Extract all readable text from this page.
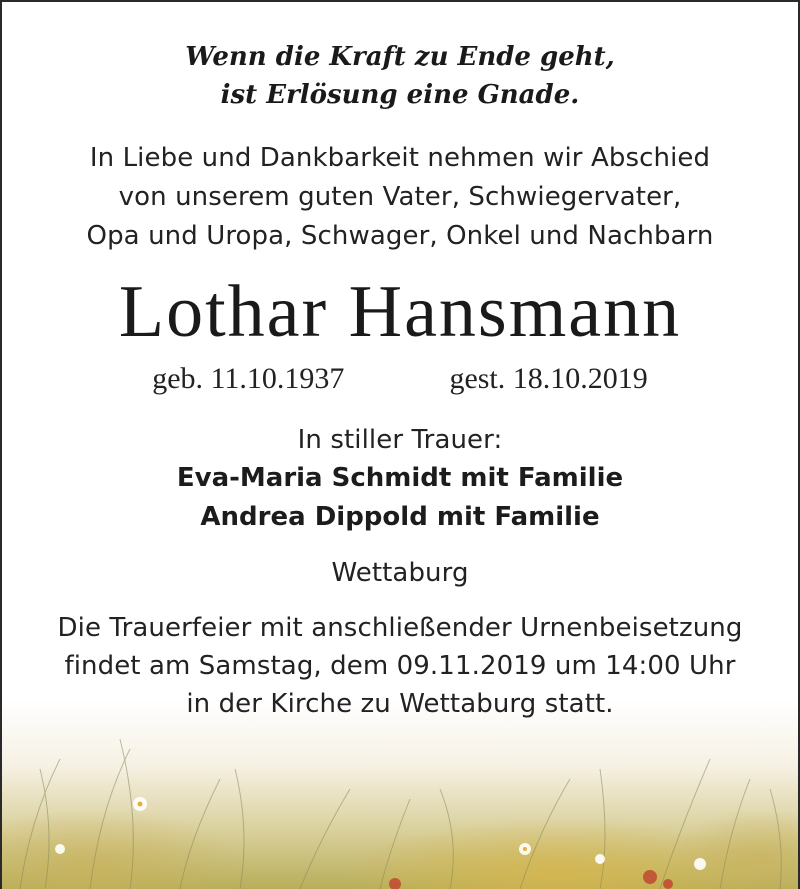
Wenn die Kraft zu Ende geht,
ist Erlösung eine Gnade.
In Liebe und Dankbarkeit nehmen wir Abschied
von unserem guten Vater, Schwiegervater,
Opa und Uropa, Schwager, Onkel und Nachbarn
Lothar Hansmann
geb. 11.10.1937	gest. 18.10.2019
In stiller Trauer:
Eva-Maria Schmidt mit Familie
Andrea Dippold mit Familie
Wettaburg
Die Trauerfeier mit anschließender Urnenbeisetzung
findet am Samstag, dem 09.11.2019 um 14:00 Uhr
in der Kirche zu Wettaburg statt.
